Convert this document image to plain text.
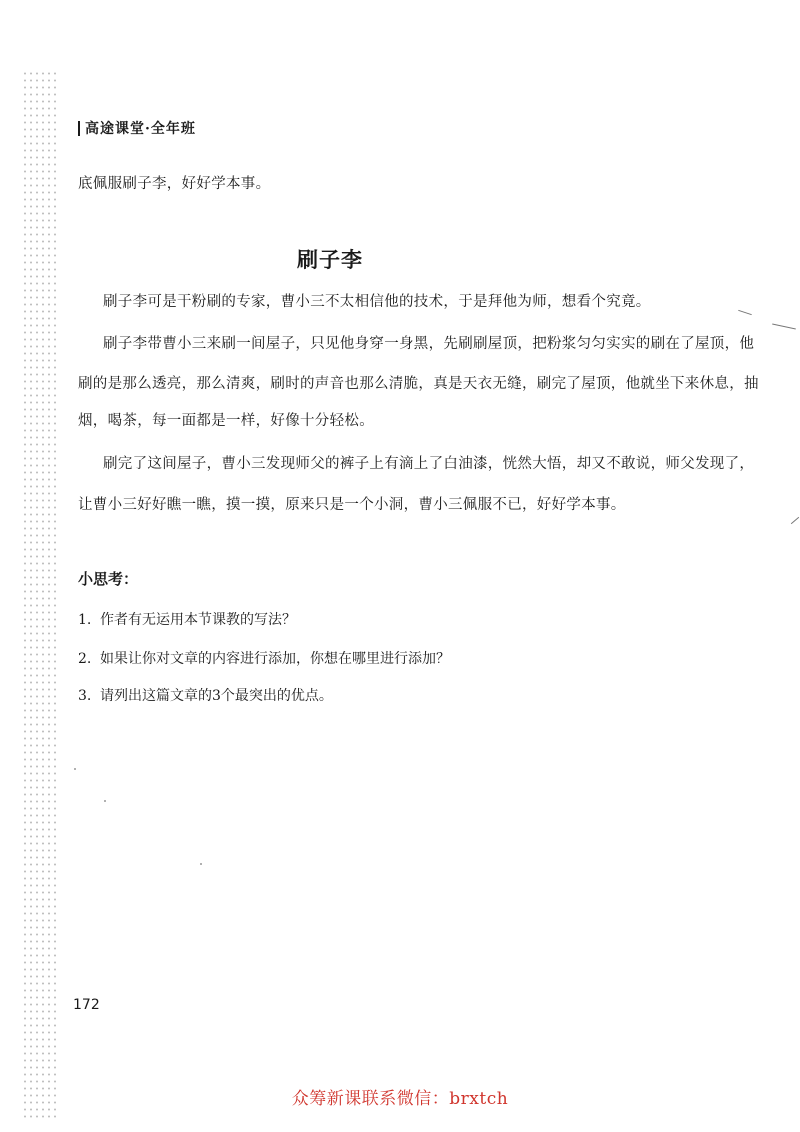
高途课堂·全年班
底佩服刷子李，好好学本事。
刷子李
刷子李可是干粉刷的专家，曹小三不太相信他的技术，于是拜他为师，想看个究竟。
刷子李带曹小三来刷一间屋子，只见他身穿一身黑，先刷刷屋顶，把粉浆匀匀实实的刷在了屋顶，他
刷的是那么透亮，那么清爽，刷时的声音也那么清脆，真是天衣无缝，刷完了屋顶，他就坐下来休息，抽
烟，喝茶，每一面都是一样，好像十分轻松。
刷完了这间屋子，曹小三发现师父的裤子上有滴上了白油漆，恍然大悟，却又不敢说，师父发现了，
让曹小三好好瞧一瞧，摸一摸，原来只是一个小洞，曹小三佩服不已，好好学本事。
小思考：
1. 作者有无运用本节课教的写法？
2. 如果让你对文章的内容进行添加，你想在哪里进行添加？
3. 请列出这篇文章的3个最突出的优点。
172
众筹新课联系微信：brxtch
